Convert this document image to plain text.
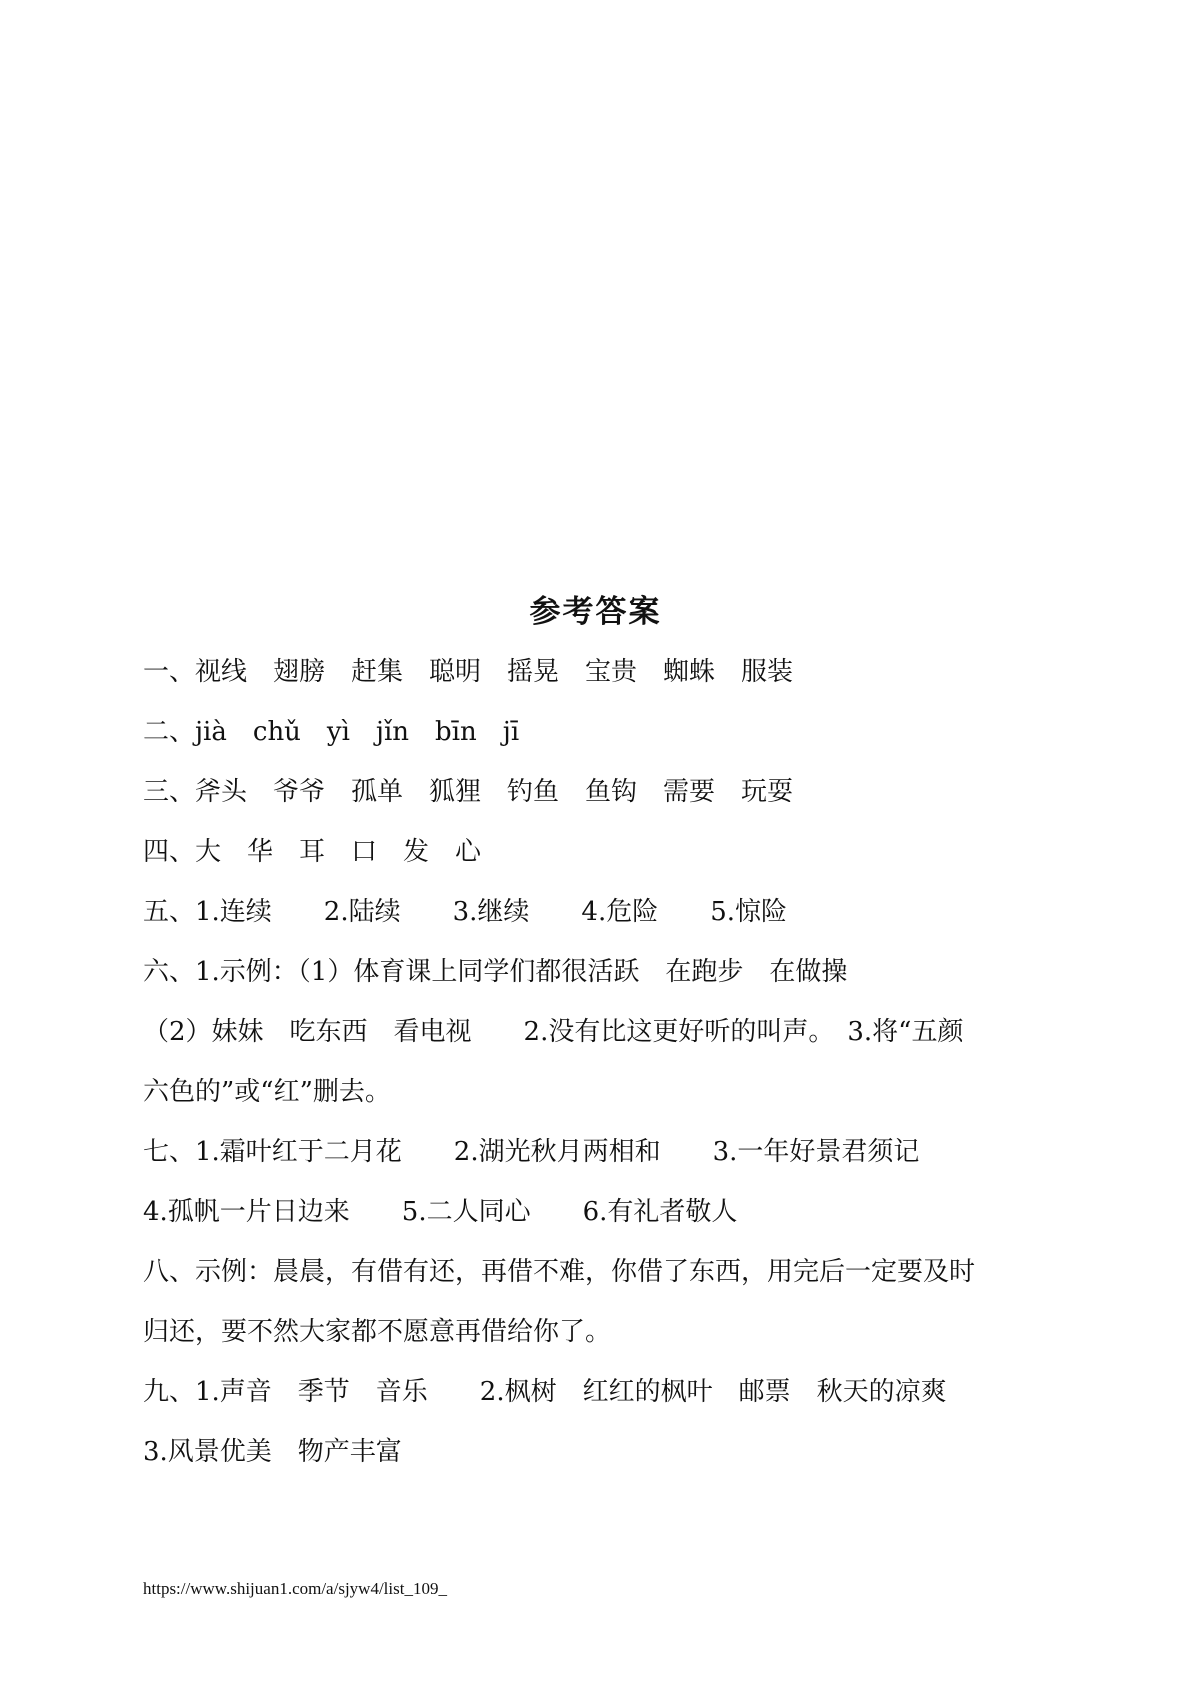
参考答案
一、视线　翅膀　赶集　聪明　摇晃　宝贵　蜘蛛　服装
二、jià　chǔ　yì　jǐn　bīn　jī
三、斧头　爷爷　孤单　狐狸　钓鱼　鱼钩　需要　玩耍
四、大　华　耳　口　发　心
五、1.连续　　2.陆续　　3.继续　　4.危险　　5.惊险
六、1.示例：（1）体育课上同学们都很活跃　在跑步　在做操
（2）妹妹　吃东西　看电视　　2.没有比这更好听的叫声。　3.将“五颜
六色的”或“红”删去。
七、1.霜叶红于二月花　　2.湖光秋月两相和　　3.一年好景君须记
4.孤帆一片日边来　　5.二人同心　　6.有礼者敬人
八、示例：晨晨，有借有还，再借不难，你借了东西，用完后一定要及时
归还，要不然大家都不愿意再借给你了。
九、1.声音　季节　音乐　　2.枫树　红红的枫叶　邮票　秋天的凉爽
3.风景优美　物产丰富
https://www.shijuan1.com/a/sjyw4/list_109_
